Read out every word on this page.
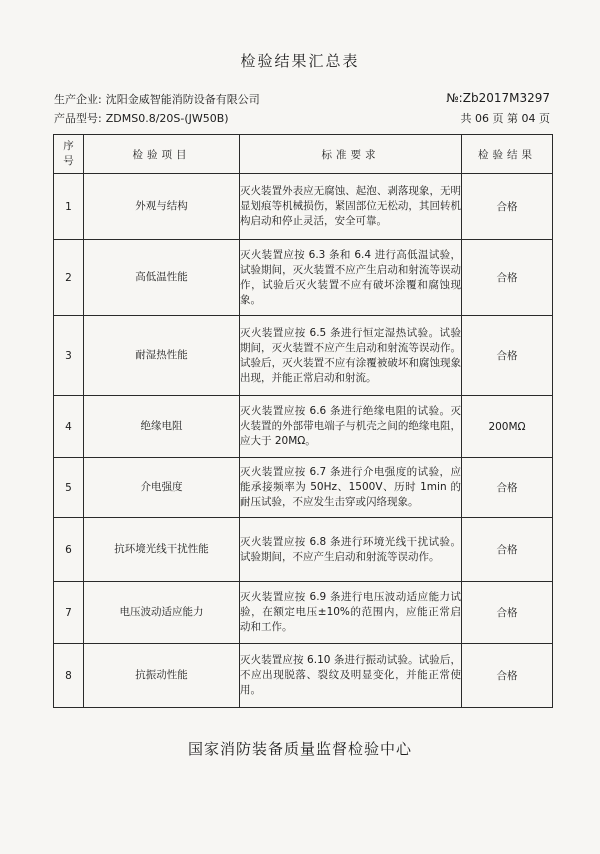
检验结果汇总表
生产企业: 沈阳金威智能消防设备有限公司	№:Zb2017M3297
产品型号: ZDMS0.8/20S-(JW50B)	共 06 页 第 04 页
序
号	检验项目	标准要求	检验结果
1	外观与结构	灭火装置外表应无腐蚀、起泡、剥落现象，无明显划痕等机械损伤，紧固部位无松动，其回转机构启动和停止灵活，安全可靠。	合格
2	高低温性能	灭火装置应按 6.3 条和 6.4 进行高低温试验，试验期间，灭火装置不应产生启动和射流等误动作，试验后灭火装置不应有破坏涂覆和腐蚀现象。	合格
3	耐湿热性能	灭火装置应按 6.5 条进行恒定湿热试验。试验期间，灭火装置不应产生启动和射流等误动作。试验后，灭火装置不应有涂覆被破坏和腐蚀现象出现，并能正常启动和射流。	合格
4	绝缘电阻	灭火装置应按 6.6 条进行绝缘电阻的试验。灭火装置的外部带电端子与机壳之间的绝缘电阻，应大于 20MΩ。	200MΩ
5	介电强度	灭火装置应按 6.7 条进行介电强度的试验，应能承接频率为 50Hz、1500V、历时 1min 的耐压试验，不应发生击穿或闪络现象。	合格
6	抗环境光线干扰性能	灭火装置应按 6.8 条进行环境光线干扰试验。试验期间，不应产生启动和射流等误动作。	合格
7	电压波动适应能力	灭火装置应按 6.9 条进行电压波动适应能力试验，在额定电压±10%的范围内，应能正常启动和工作。	合格
8	抗振动性能	灭火装置应按 6.10 条进行振动试验。试验后，不应出现脱落、裂纹及明显变化，并能正常使用。	合格
国家消防装备质量监督检验中心
